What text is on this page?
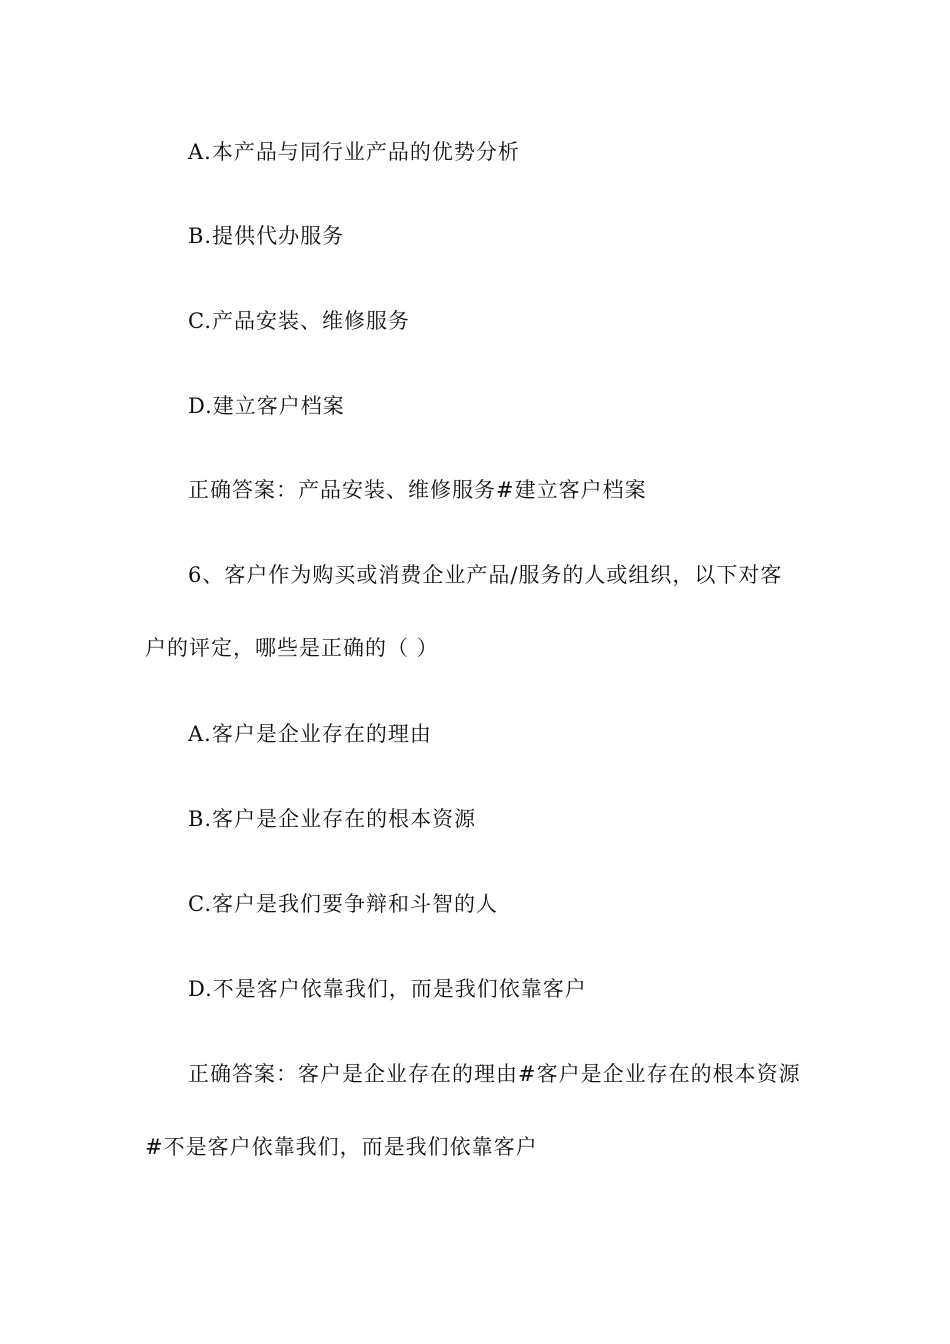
A.本产品与同行业产品的优势分析
B.提供代办服务
C.产品安装、维修服务
D.建立客户档案
正确答案：产品安装、维修服务#建立客户档案
6、客户作为购买或消费企业产品/服务的人或组织，以下对客
户的评定，哪些是正确的（ ）
A.客户是企业存在的理由
B.客户是企业存在的根本资源
C.客户是我们要争辩和斗智的人
D.不是客户依靠我们，而是我们依靠客户
正确答案：客户是企业存在的理由#客户是企业存在的根本资源
#不是客户依靠我们，而是我们依靠客户
